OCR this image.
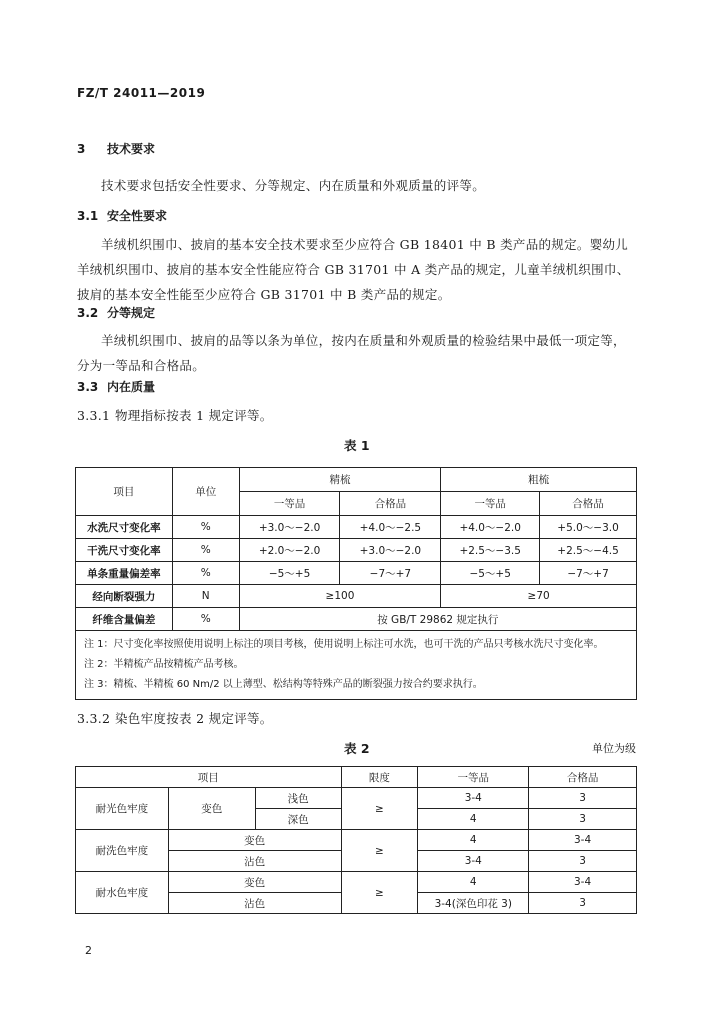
FZ/T 24011—2019
3 技术要求
技术要求包括安全性要求、分等规定、内在质量和外观质量的评等。
3.1 安全性要求
羊绒机织围巾、披肩的基本安全技术要求至少应符合 GB 18401 中 B 类产品的规定。婴幼儿羊绒机织围巾、披肩的基本安全性能应符合 GB 31701 中 A 类产品的规定，儿童羊绒机织围巾、披肩的基本安全性能至少应符合 GB 31701 中 B 类产品的规定。
3.2 分等规定
羊绒机织围巾、披肩的品等以条为单位，按内在质量和外观质量的检验结果中最低一项定等，分为一等品和合格品。
3.3 内在质量
3.3.1 物理指标按表 1 规定评等。
表 1
项目	单位	精梳		粗梳	
		一等品	合格品	一等品	合格品
水洗尺寸变化率	%	+3.0～−2.0	+4.0～−2.5	+4.0～−2.0	+5.0～−3.0
干洗尺寸变化率	%	+2.0～−2.0	+3.0～−2.0	+2.5～−3.5	+2.5～−4.5
单条重量偏差率	%	−5～+5	−7～+7	−5～+5	−7～+7
经向断裂强力	N	≥100		≥70	
纤维含量偏差	%	按 GB/T 29862 规定执行			

注 1：尺寸变化率按照使用说明上标注的项目考核，使用说明上标注可水洗，也可干洗的产品只考核水洗尺寸变化率。
注 2：半精梳产品按精梳产品考核。
注 3：精梳、半精梳 60 Nm/2 以上薄型、松结构等特殊产品的断裂强力按合约要求执行。					
3.3.2 染色牢度按表 2 规定评等。
表 2	单位为级
项目			限度	一等品	合格品
耐光色牢度	变色	浅色	≥	3-4	3
		深色		4	3
耐洗色牢度	变色		≥	4	3-4
	沾色			3-4	3
耐水色牢度	变色		≥	4	3-4
	沾色			3-4(深色印花 3)	3
2
